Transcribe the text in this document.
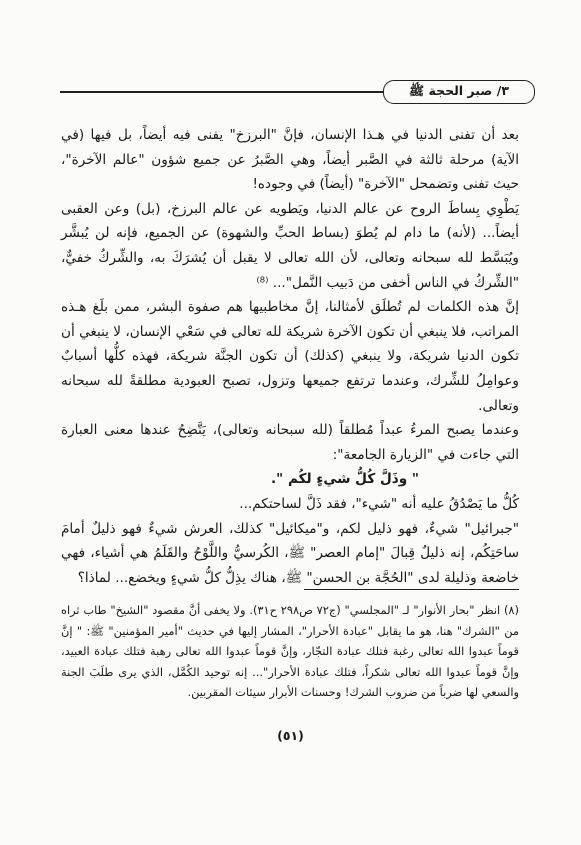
٣/ صبر الحجة ﷺ

بعد أن تفنى الدنيا في هـذا الإنسان، فإنَّ "البرزخ" يفنى فيه أيضاً، بل فيها (في الآية) مرحلة ثالثة في الصَّبر أيضاً، وهي الصَّبرُ عن جميع شؤون "عالم الآخرة"، حيث تفنى وتضمحل "الآخرة" (أيضاً) في وجوده!

يَطْوِي بِساطَ الروح عن عالم الدنيا، ويَطويه عن عالم البرزخ، (بل) وعن العقبى أيضاً... (لأنه) ما دام لم يُطوَ (بساط الحبِّ والشهوة) عن الجميع، فإنه لن يُبشَّر ويُبَسَّط لله سبحانه وتعالى، لأن الله تعالى لا يقبل أن يُشرَكَ به، والشِّركُ خفيٌّ، "الشِّركُ في الناس أخفى من دَبيب النَّمل"... ⁽⁸⁾

إنَّ هذه الكلمات لم تُطلَق لأمثالنا، إنَّ مخاطبيها هم صفوة البشر، ممن بلَغ هـذه المراتب، فلا ينبغي أن تكون الآخرة شريكة لله تعالى في سَعْي الإنسان، لا ينبغي أن تكون الدنيا شريكة، ولا ينبغي (كذلك) أن تكون الجنَّة شريكة، فهذه كلُّها أسبابٌ وعوامِلُ للشِّرك، وعندما ترتفع جميعها وتزول، تصبح العبودية مطلقةً لله سبحانه وتعالى.

وعندما يصبح المرءُ عبداً مُطلقاً (لله سبحانه وتعالى)، يَتَّضِحُ عندها معنى العبارة التي جاءت في "الزيارة الجامعة":

" وذَلَّ كُلُّ شيءٍ لكُم ".

كُلُّ ما يَصْدُقُ عليه أنه "شيء"، فقد ذَلَّ لساحتكم...

"جبرائيل" شيءٌ، فهو ذليل لكم، و"ميكائيل" كذلك، العرش شيءٌ فهو ذليلٌ أمامَ ساحَتِكُم، إنه ذليلٌ قِبالَ "إمام العصر" ﷺ، الكُرسيُّ واللَّوْحُ والقَلَمُ هي أشياء، فهي خاضعة وذليلة لدى "الحُجَّة بن الحسن" ﷺ، هناك يذِلُّ كلُّ شيءٍ ويخضع... لماذا؟

(٨) انظر "بحار الأنوار" لـ "المجلسي" (ج٧٢ ص٢٩٨ ح٣١). ولا يخفى أنَّ مقصود "الشيخ" طاب ثراه من "الشرك" هنا، هو ما يقابل "عبادة الأحرار"، المشار إليها في حديث "أمير المؤمنين" ﷺ: " إنَّ قوماً عبدوا الله تعالى رغبة فتلك عبادة التجّار، وإنَّ قوماً عبدوا الله تعالى رهبة فتلك عبادة العبيد، وإنَّ قوماً عبدوا الله تعالى شكراً، فتلك عبادة الأحرار"... إنه توحيد الكُمَّل، الذي يرى طلَبَ الجنة والسعي لها ضرباً من ضروب الشرك! وحسنات الأبرار سيئات المقربين.

(٥١)
